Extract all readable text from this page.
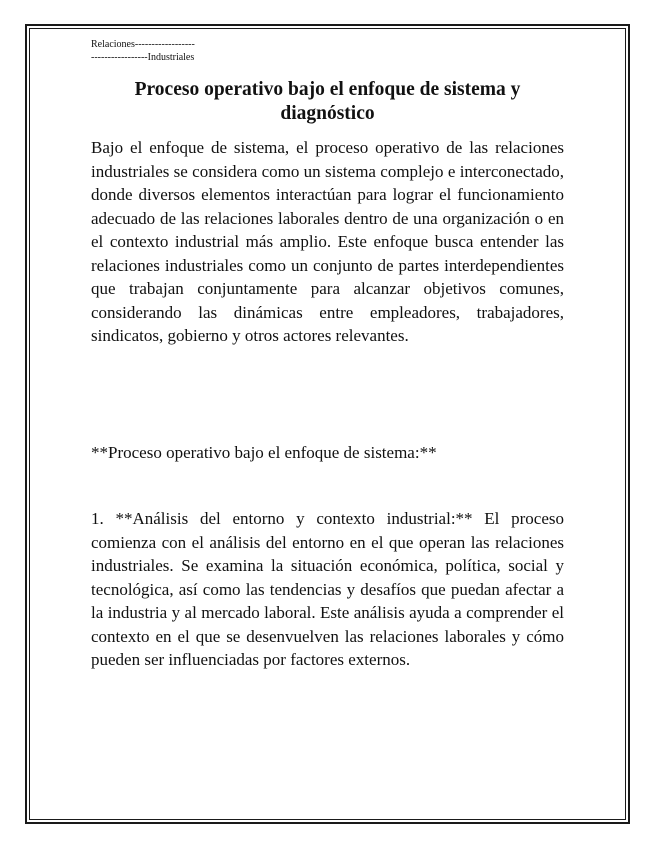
Relaciones------------------
-----------------Industriales
Proceso operativo bajo el enfoque de sistema y diagnóstico

Bajo el enfoque de sistema, el proceso operativo de las relaciones industriales se considera como un sistema complejo e interconectado, donde diversos elementos interactúan para lograr el funcionamiento adecuado de las relaciones laborales dentro de una organización o en el contexto industrial más amplio. Este enfoque busca entender las relaciones industriales como un conjunto de partes interdependientes que trabajan conjuntamente para alcanzar objetivos comunes, considerando las dinámicas entre empleadores, trabajadores, sindicatos, gobierno y otros actores relevantes.

**Proceso operativo bajo el enfoque de sistema:**

1. **Análisis del entorno y contexto industrial:** El proceso comienza con el análisis del entorno en el que operan las relaciones industriales. Se examina la situación económica, política, social y tecnológica, así como las tendencias y desafíos que puedan afectar a la industria y al mercado laboral. Este análisis ayuda a comprender el contexto en el que se desenvuelven las relaciones laborales y cómo pueden ser influenciadas por factores externos.
